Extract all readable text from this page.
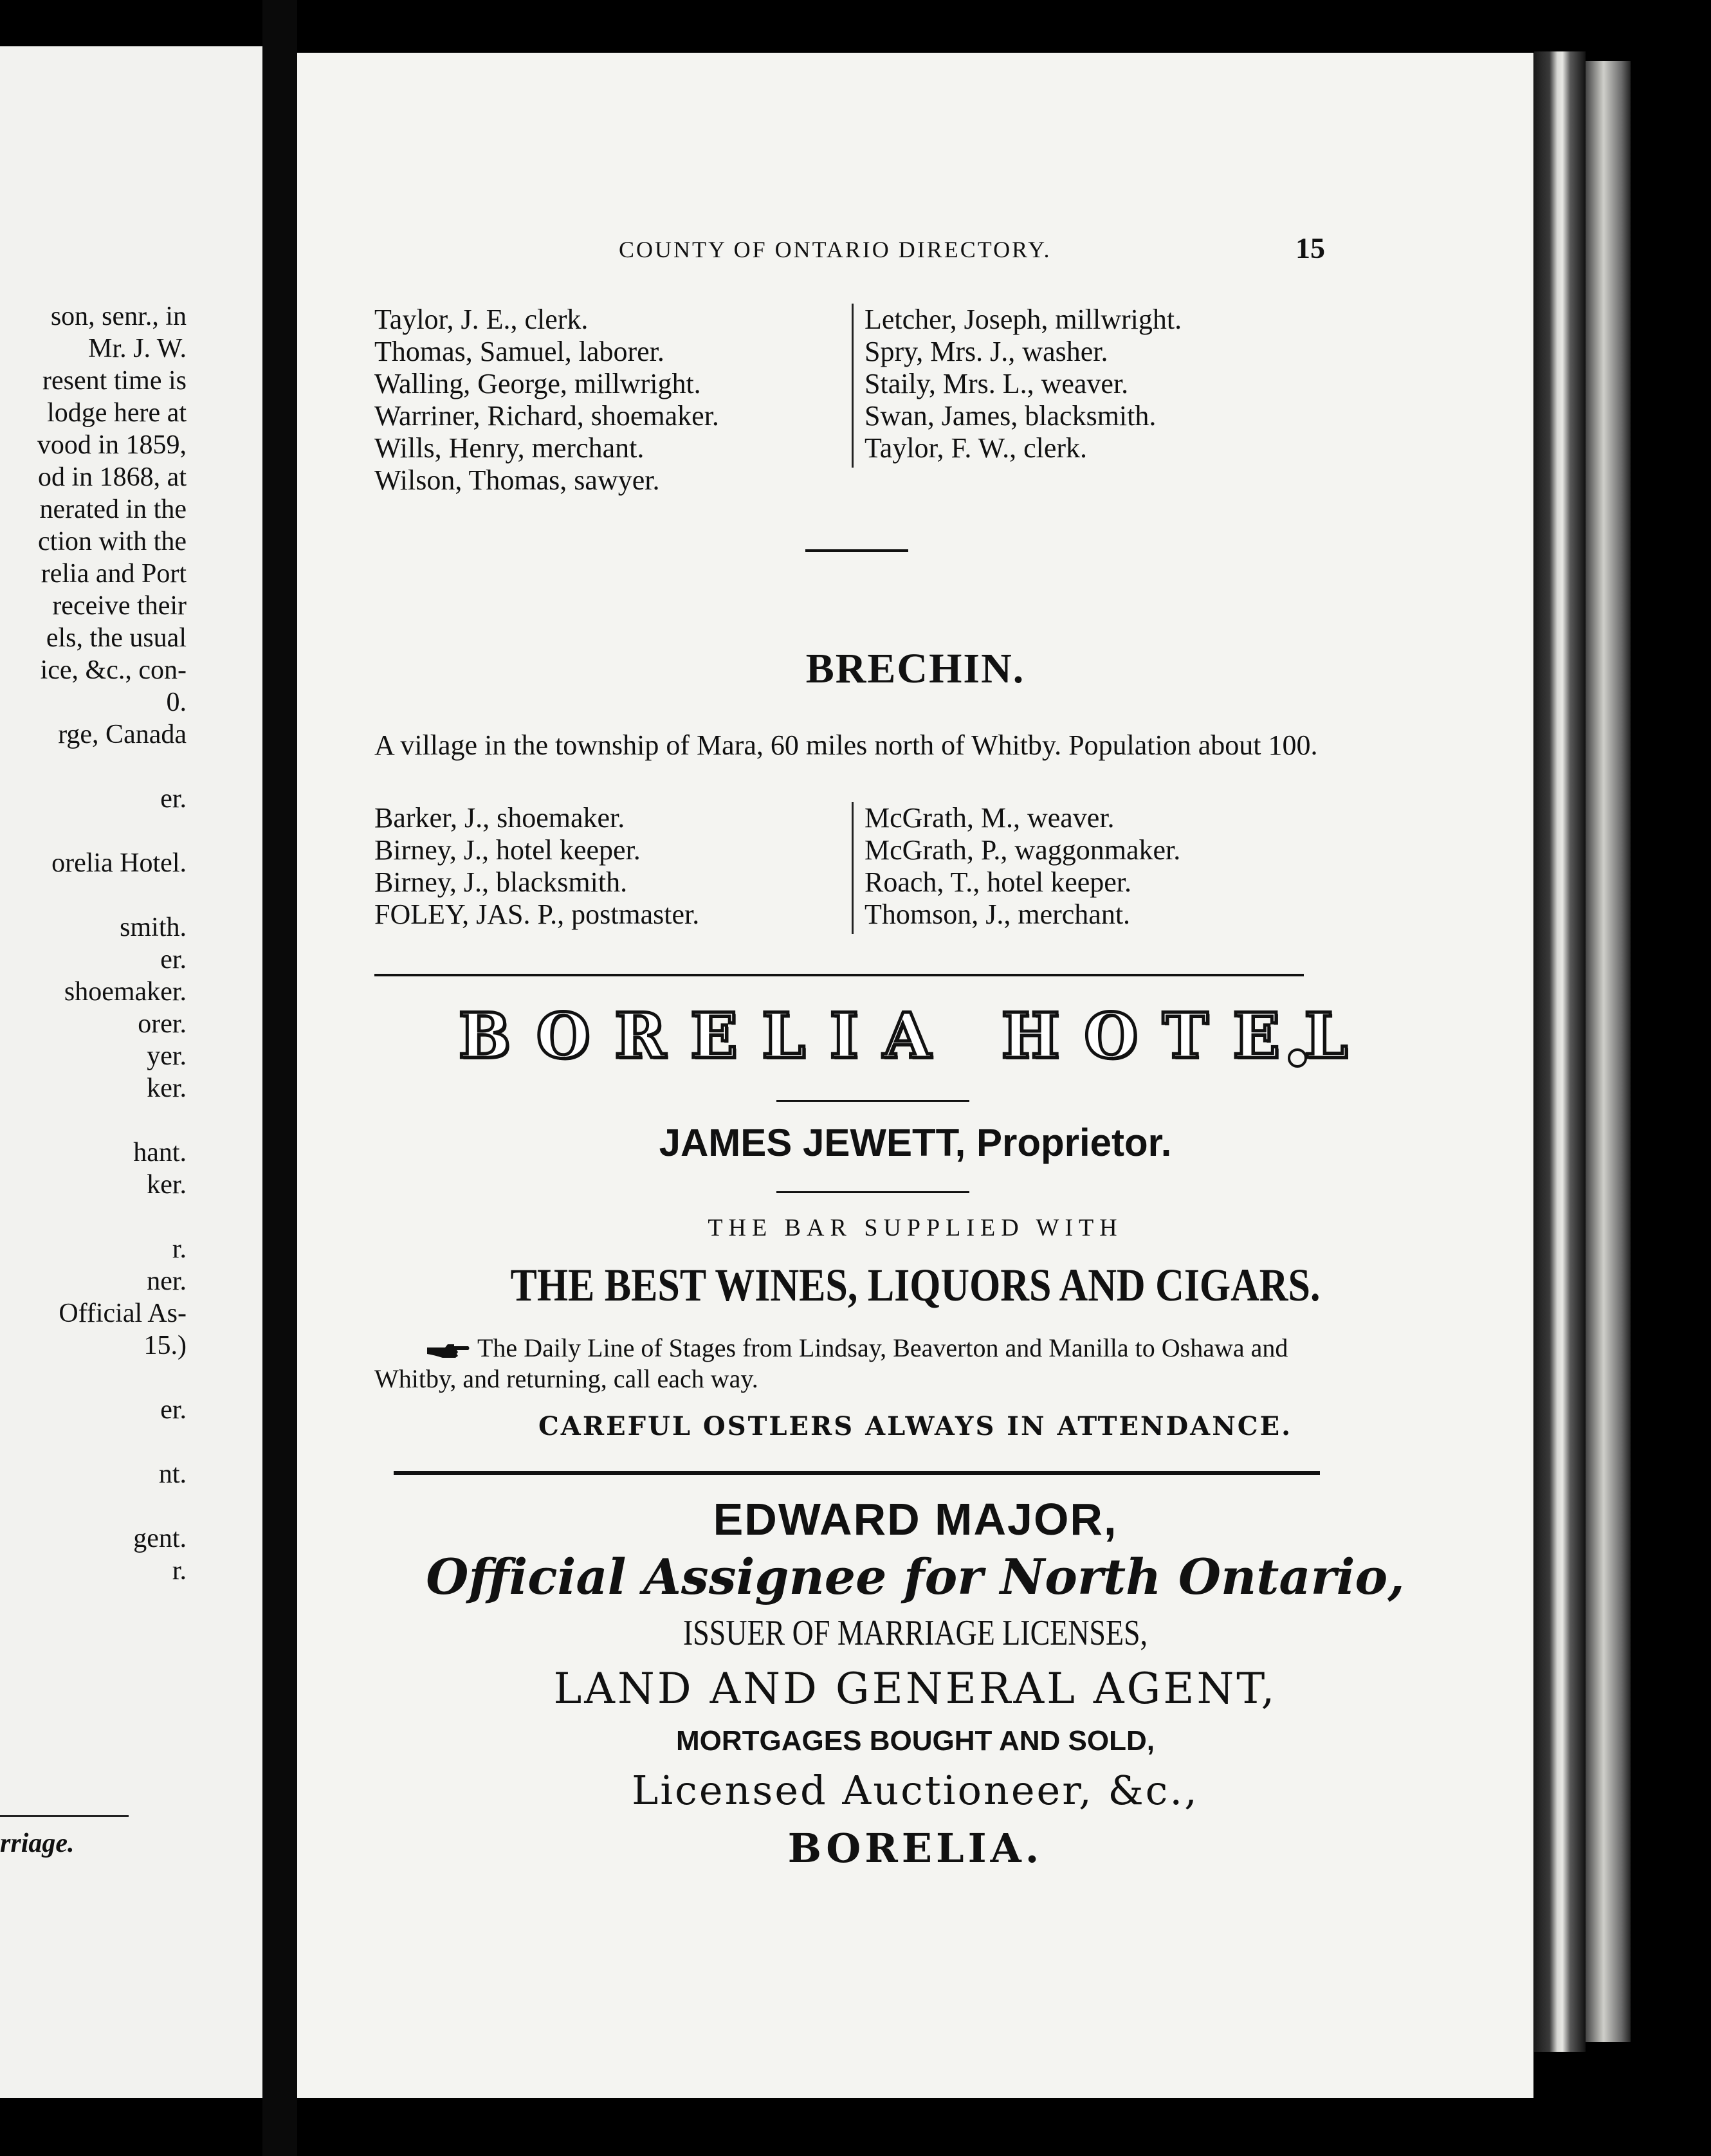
son, senr., in
Mr. J. W.
resent time is
lodge here at
vood in 1859,
od in 1868, at
nerated in the
ction with the
relia and Port
receive their
els, the usual
ice, &c., con-
0.
rge, Canada
er.
orelia Hotel.
smith.
er.
shoemaker.
orer.
yer.
ker.
hant.
ker.
r.
ner.
Official As-
15.)
er.
nt.
gent.
r.
rriage.
COUNTY OF ONTARIO DIRECTORY.	15
Taylor, J. E., clerk.
Thomas, Samuel, laborer.
Walling, George, millwright.
Warriner, Richard, shoemaker.
Wills, Henry, merchant.
Wilson, Thomas, sawyer.
Letcher, Joseph, millwright.
Spry, Mrs. J., washer.
Staily, Mrs. L., weaver.
Swan, James, blacksmith.
Taylor, F. W., clerk.
BRECHIN.
A village in the township of Mara, 60 miles north of Whitby. Population about 100.
Barker, J., shoemaker.
Birney, J., hotel keeper.
Birney, J., blacksmith.
FOLEY, JAS. P., postmaster.
McGrath, M., weaver.
McGrath, P., waggonmaker.
Roach, T., hotel keeper.
Thomson, J., merchant.
BORELIA HOTEL
JAMES JEWETT, Proprietor.
THE BAR SUPPLIED WITH
THE BEST WINES, LIQUORS AND CIGARS.
The Daily Line of Stages from Lindsay, Beaverton and Manilla to Oshawa and Whitby, and returning, call each way.
CAREFUL OSTLERS ALWAYS IN ATTENDANCE.
EDWARD MAJOR,
Official Assignee for North Ontario,
ISSUER OF MARRIAGE LICENSES,
LAND AND GENERAL AGENT,
MORTGAGES BOUGHT AND SOLD,
Licensed Auctioneer, &c.,
BORELIA.
